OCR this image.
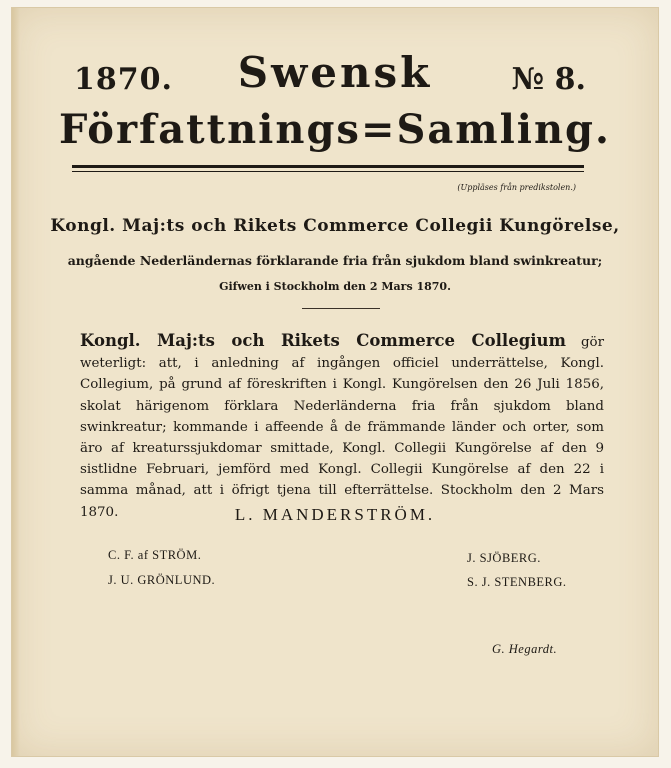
1870.	Swensk	№ 8.
Författnings=Samling.
(Uppläses från predikstolen.)
Kongl. Maj:ts och Rikets Commerce Collegii Kungörelse,
angående Nederländernas förklarande fria från sjukdom bland swinkreatur;
Gifwen i Stockholm den 2 Mars 1870.
Kongl. Maj:ts och Rikets Commerce Collegium gör weterligt: att, i anledning af ingången officiel underrättelse, Kongl. Collegium, på grund af föreskriften i Kongl. Kungörelsen den 26 Juli 1856, skolat härigenom förklara Nederländerna fria från sjukdom bland swinkreatur; kommande i affeende å de främmande länder och orter, som äro af kreaturssjukdomar smittade, Kongl. Collegii Kungörelse af den 9 sistlidne Februari, jemförd med Kongl. Collegii Kungörelse af den 22 i samma månad, att i öfrigt tjena till efterrättelse. Stockholm den 2 Mars 1870.	L. MANDERSTRÖM.
C. F. af STRÖM.
J. U. GRÖNLUND.
J. SJÖBERG.
S. J. STENBERG.
G. Hegardt.
